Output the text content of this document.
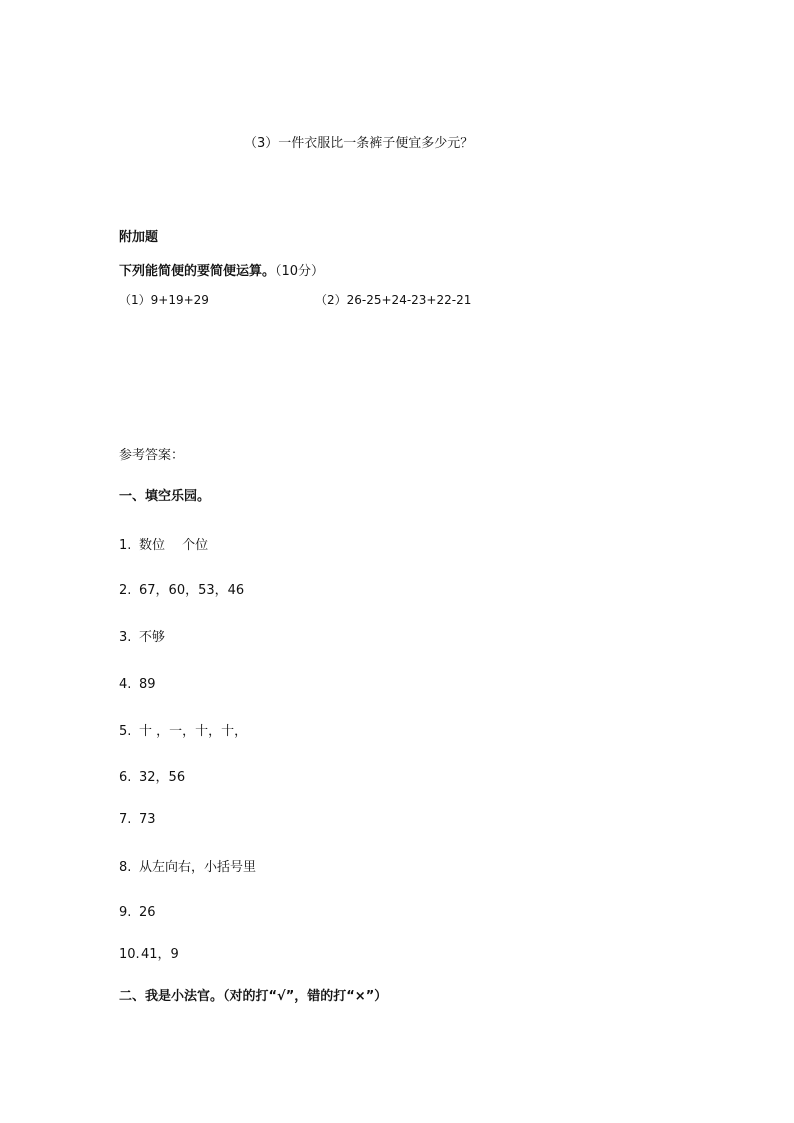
（3）一件衣服比一条裤子便宜多少元？
附加题
下列能简便的要简便运算。（10分）
（1）9+19+29	（2）26-25+24-23+22-21
参考答案：
一、填空乐园。
1. 数位　 个位
2. 67，60，53，46
3. 不够
4. 89
5. 十 ，一，十，十，
6. 32，56
7. 73
8. 从左向右，小括号里
9. 26
10.41，9
二、我是小法官。（对的打“√”，错的打“×”）
